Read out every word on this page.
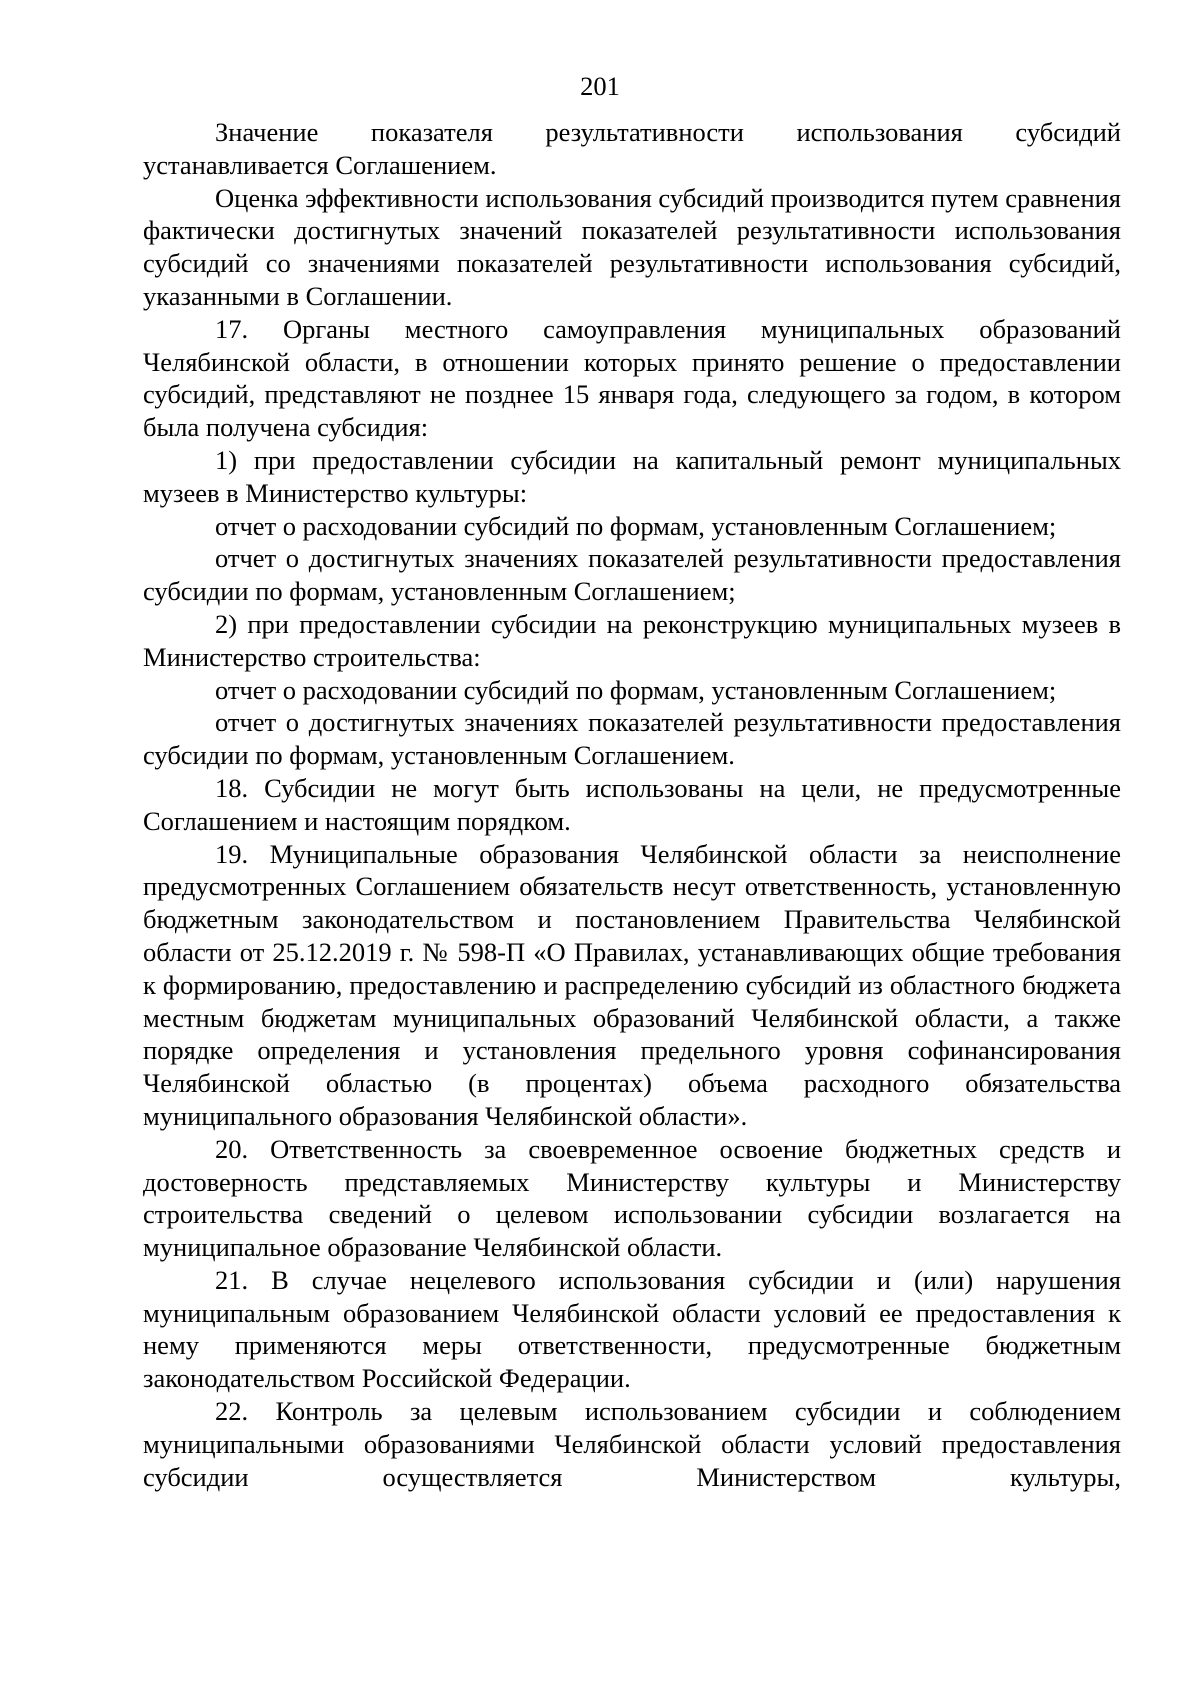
201

Значение показателя результативности использования субсидий устанавливается Соглашением.

Оценка эффективности использования субсидий производится путем сравнения фактически достигнутых значений показателей результативности использования субсидий со значениями показателей результативности использования субсидий, указанными в Соглашении.

17. Органы местного самоуправления муниципальных образований Челябинской области, в отношении которых принято решение о предоставлении субсидий, представляют не позднее 15 января года, следующего за годом, в котором была получена субсидия:

1) при предоставлении субсидии на капитальный ремонт муниципальных музеев в Министерство культуры:

отчет о расходовании субсидий по формам, установленным Соглашением;

отчет о достигнутых значениях показателей результативности предоставления субсидии по формам, установленным Соглашением;

2) при предоставлении субсидии на реконструкцию муниципальных музеев в Министерство строительства:

отчет о расходовании субсидий по формам, установленным Соглашением;

отчет о достигнутых значениях показателей результативности предоставления субсидии по формам, установленным Соглашением.

18. Субсидии не могут быть использованы на цели, не предусмотренные Соглашением и настоящим порядком.

19. Муниципальные образования Челябинской области за неисполнение предусмотренных Соглашением обязательств несут ответственность, установленную бюджетным законодательством и постановлением Правительства Челябинской области от 25.12.2019 г. № 598-П «О Правилах, устанавливающих общие требования к формированию, предоставлению и распределению субсидий из областного бюджета местным бюджетам муниципальных образований Челябинской области, а также порядке определения и установления предельного уровня софинансирования Челябинской областью (в процентах) объема расходного обязательства муниципального образования Челябинской области».

20. Ответственность за своевременное освоение бюджетных средств и достоверность представляемых Министерству культуры и Министерству строительства сведений о целевом использовании субсидии возлагается на муниципальное образование Челябинской области.

21. В случае нецелевого использования субсидии и (или) нарушения муниципальным образованием Челябинской области условий ее предоставления к нему применяются меры ответственности, предусмотренные бюджетным законодательством Российской Федерации.

22. Контроль за целевым использованием субсидии и соблюдением муниципальными образованиями Челябинской области условий предоставления субсидии осуществляется Министерством культуры,
